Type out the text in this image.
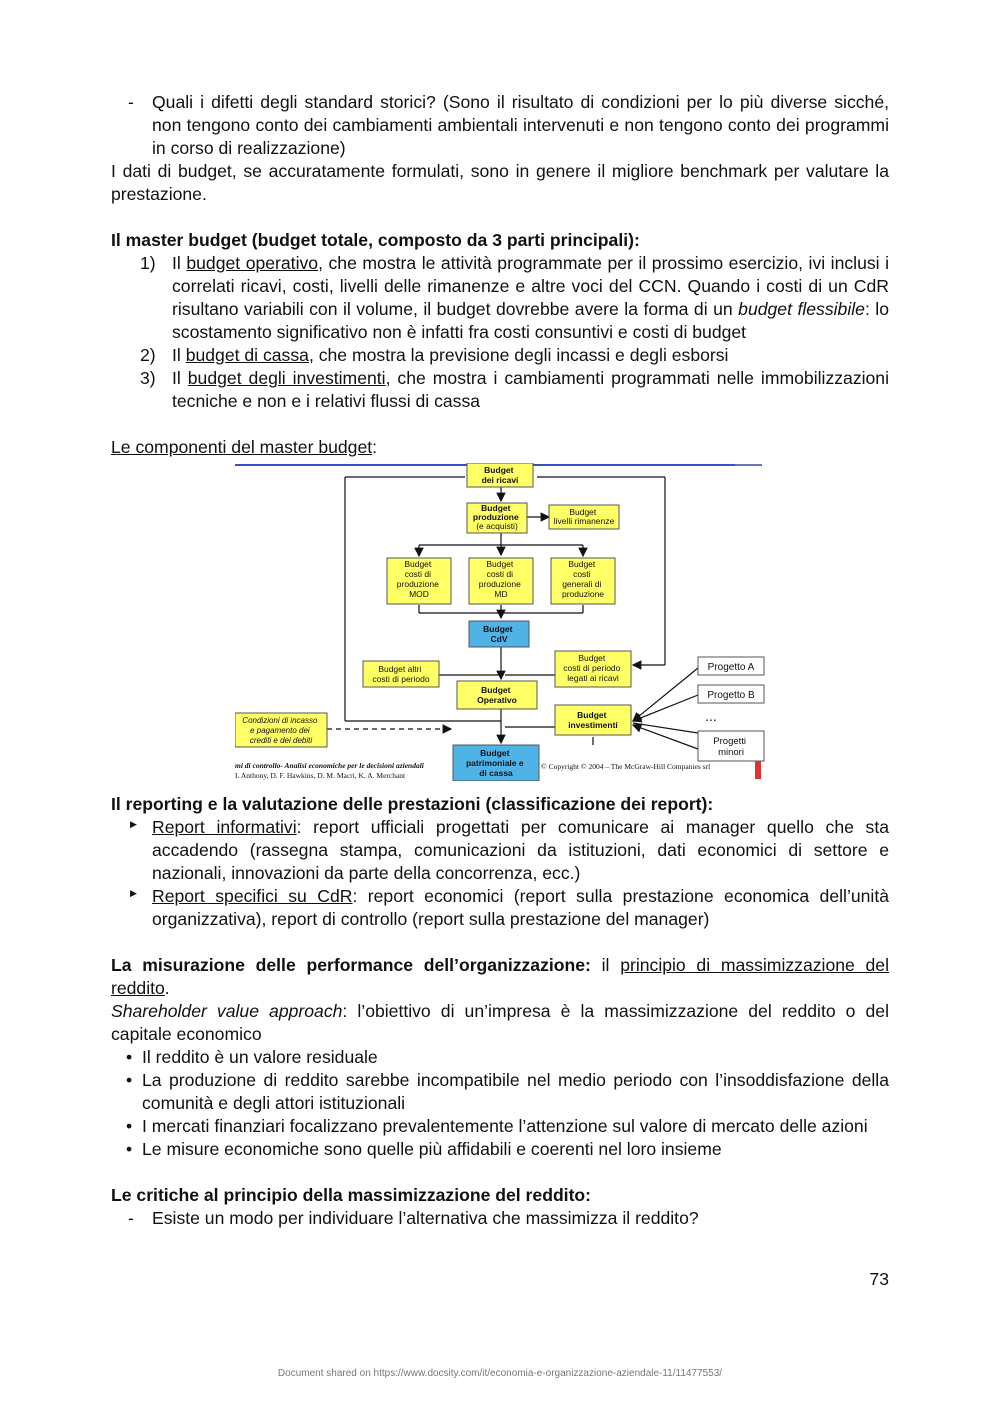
- Quali i difetti degli standard storici? (Sono il risultato di condizioni per lo più diverse sicché, non tengono conto dei cambiamenti ambientali intervenuti e non tengono conto dei programmi in corso di realizzazione)

I dati di budget, se accuratamente formulati, sono in genere il migliore benchmark per valutare la prestazione.

Il master budget (budget totale, composto da 3 parti principali):

1) Il budget operativo, che mostra le attività programmate per il prossimo esercizio, ivi inclusi i correlati ricavi, costi, livelli delle rimanenze e altre voci del CCN. Quando i costi di un CdR risultano variabili con il volume, il budget dovrebbe avere la forma di un budget flessibile: lo scostamento significativo non è infatti fra costi consuntivi e costi di budget
2) Il budget di cassa, che mostra la previsione degli incassi e degli esborsi
3) Il budget degli investimenti, che mostra i cambiamenti programmati nelle immobilizzazioni tecniche e non e i relativi flussi di cassa

Le componenti del master budget:

Budget dei ricavi
Budget produzione (e acquisti)
Budget livelli rimanenze
Budget costi di produzione MOD
Budget costi di produzione MD
Budget costi generali di produzione
Budget CdV
Budget altri costi di periodo
Budget costi di periodo legati ai ricavi
Budget Operativo
Budget investimenti
Condizioni di incasso e pagamento dei crediti e dei debiti
Budget patrimoniale e di cassa
Progetto A
Progetto B
...
Progetti minori
mi di controllo- Analisi economiche per le decisioni aziendali
I. Anthony, D. F. Hawkins, D. M. Macri, K. A. Merchant
© Copyright © 2004 – The McGraw-Hill Companies srl

Il reporting e la valutazione delle prestazioni (classificazione dei report):

▶ Report informativi: report ufficiali progettati per comunicare ai manager quello che sta accadendo (rassegna stampa, comunicazioni da istituzioni, dati economici di settore e nazionali, innovazioni da parte della concorrenza, ecc.)
▶ Report specifici su CdR: report economici (report sulla prestazione economica dell’unità organizzativa), report di controllo (report sulla prestazione del manager)

La misurazione delle performance dell’organizzazione: il principio di massimizzazione del reddito.

Shareholder value approach: l’obiettivo di un’impresa è la massimizzazione del reddito o del capitale economico

• Il reddito è un valore residuale
• La produzione di reddito sarebbe incompatibile nel medio periodo con l’insoddisfazione della comunità e degli attori istituzionali
• I mercati finanziari focalizzano prevalentemente l’attenzione sul valore di mercato delle azioni
• Le misure economiche sono quelle più affidabili e coerenti nel loro insieme

Le critiche al principio della massimizzazione del reddito:

- Esiste un modo per individuare l’alternativa che massimizza il reddito?
73
Document shared on https://www.docsity.com/it/economia-e-organizzazione-aziendale-11/11477553/
